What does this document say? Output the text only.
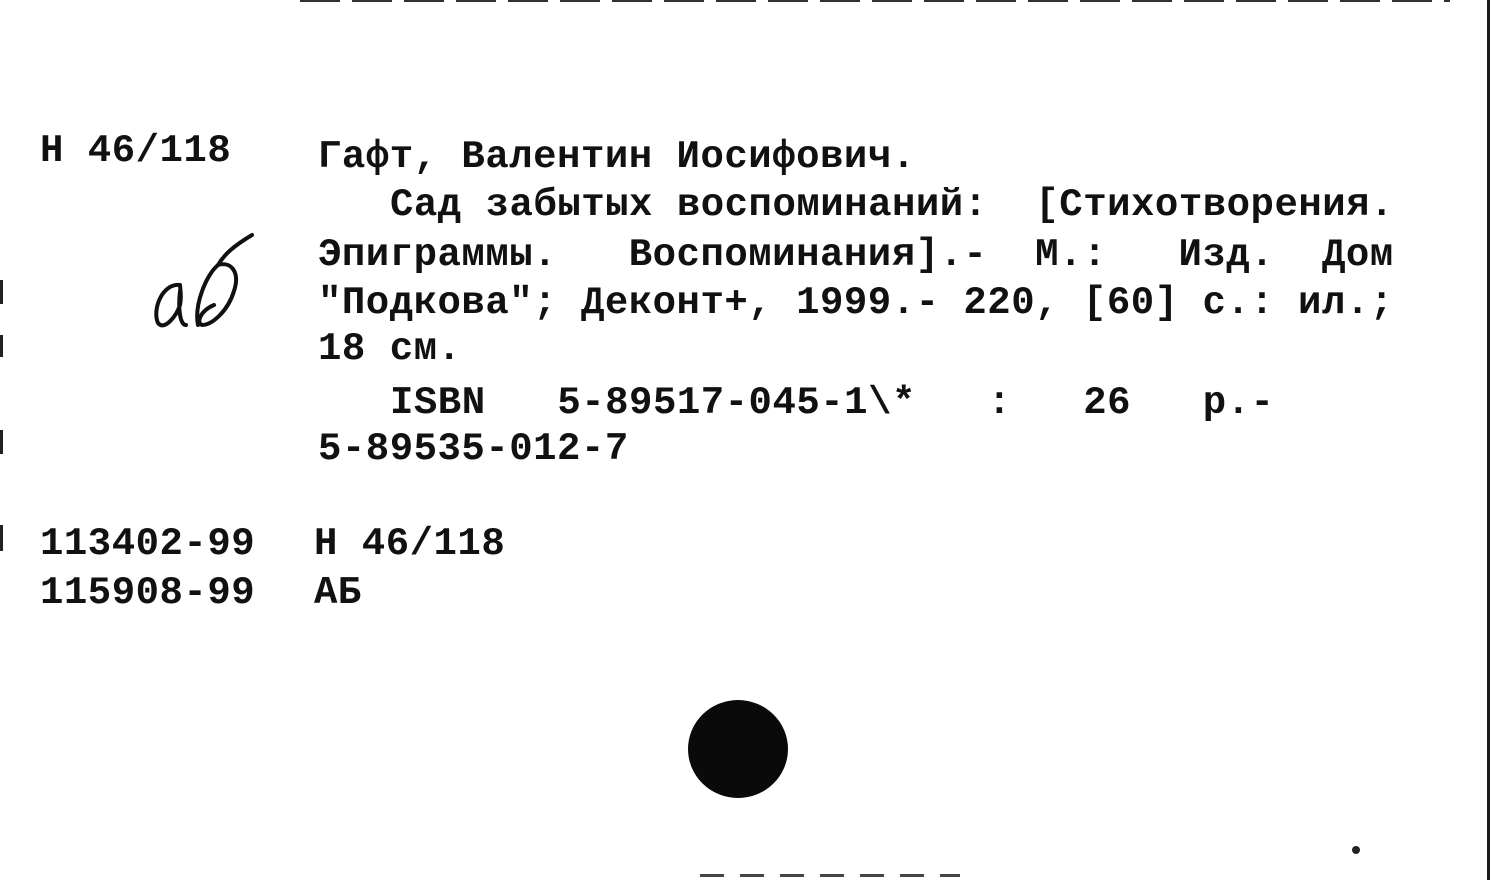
Н 46/118 Гафт, Валентин Иосифович.
Сад забытых воспоминаний:  [Стихотворения.
Эпиграммы.   Воспоминания].-  М.:   Изд.  Дом
"Подкова"; Деконт+, 1999.- 220, [60] с.: ил.;
18 см.
ISBN   5-89517-045-1\*   :   26   р.-
5-89535-012-7
113402-99 Н 46/118
115908-99 АБ
